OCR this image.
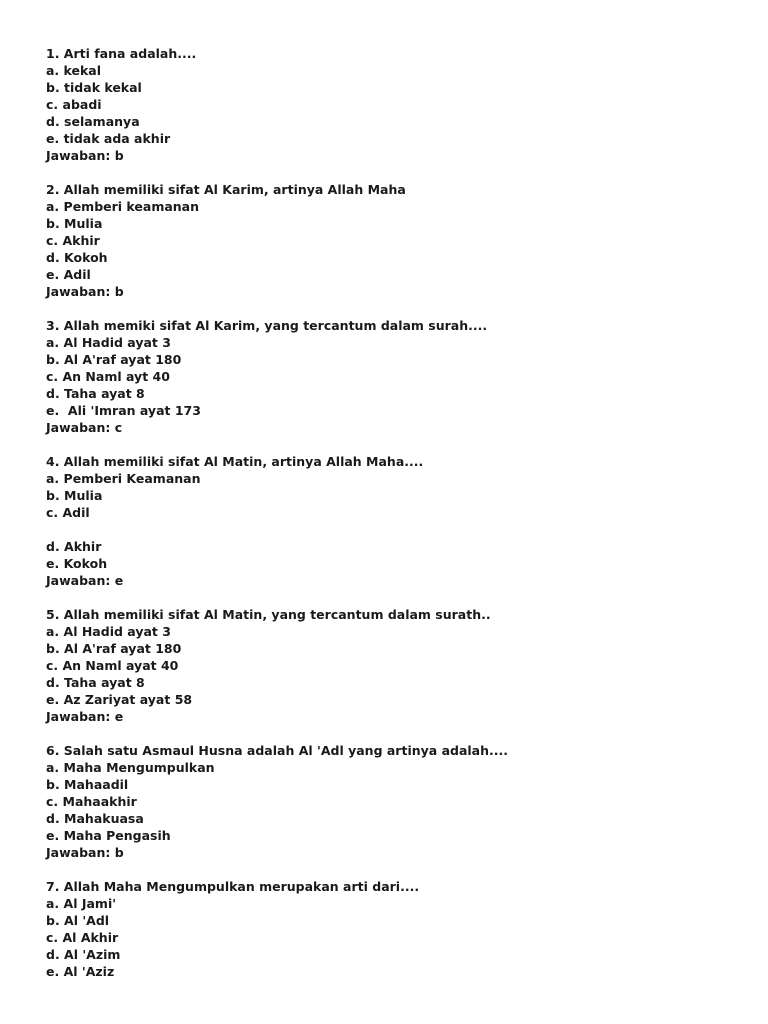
1. Arti fana adalah....
a. kekal
b. tidak kekal
c. abadi
d. selamanya
e. tidak ada akhir
Jawaban: b
2. Allah memiliki sifat Al Karim, artinya Allah Maha
a. Pemberi keamanan
b. Mulia
c. Akhir
d. Kokoh
e. Adil
Jawaban: b
3. Allah memiki sifat Al Karim, yang tercantum dalam surah....
a. Al Hadid ayat 3
b. Al A'raf ayat 180
c. An Naml ayt 40
d. Taha ayat 8
e.  Ali 'Imran ayat 173
Jawaban: c
4. Allah memiliki sifat Al Matin, artinya Allah Maha....
a. Pemberi Keamanan
b. Mulia
c. Adil
d. Akhir
e. Kokoh
Jawaban: e
5. Allah memiliki sifat Al Matin, yang tercantum dalam surath..
a. Al Hadid ayat 3
b. Al A'raf ayat 180
c. An Naml ayat 40
d. Taha ayat 8
e. Az Zariyat ayat 58
Jawaban: e
6. Salah satu Asmaul Husna adalah Al 'Adl yang artinya adalah....
a. Maha Mengumpulkan
b. Mahaadil
c. Mahaakhir
d. Mahakuasa
e. Maha Pengasih
Jawaban: b
7. Allah Maha Mengumpulkan merupakan arti dari....
a. Al Jami'
b. Al 'Adl
c. Al Akhir
d. Al 'Azim
e. Al 'Aziz
